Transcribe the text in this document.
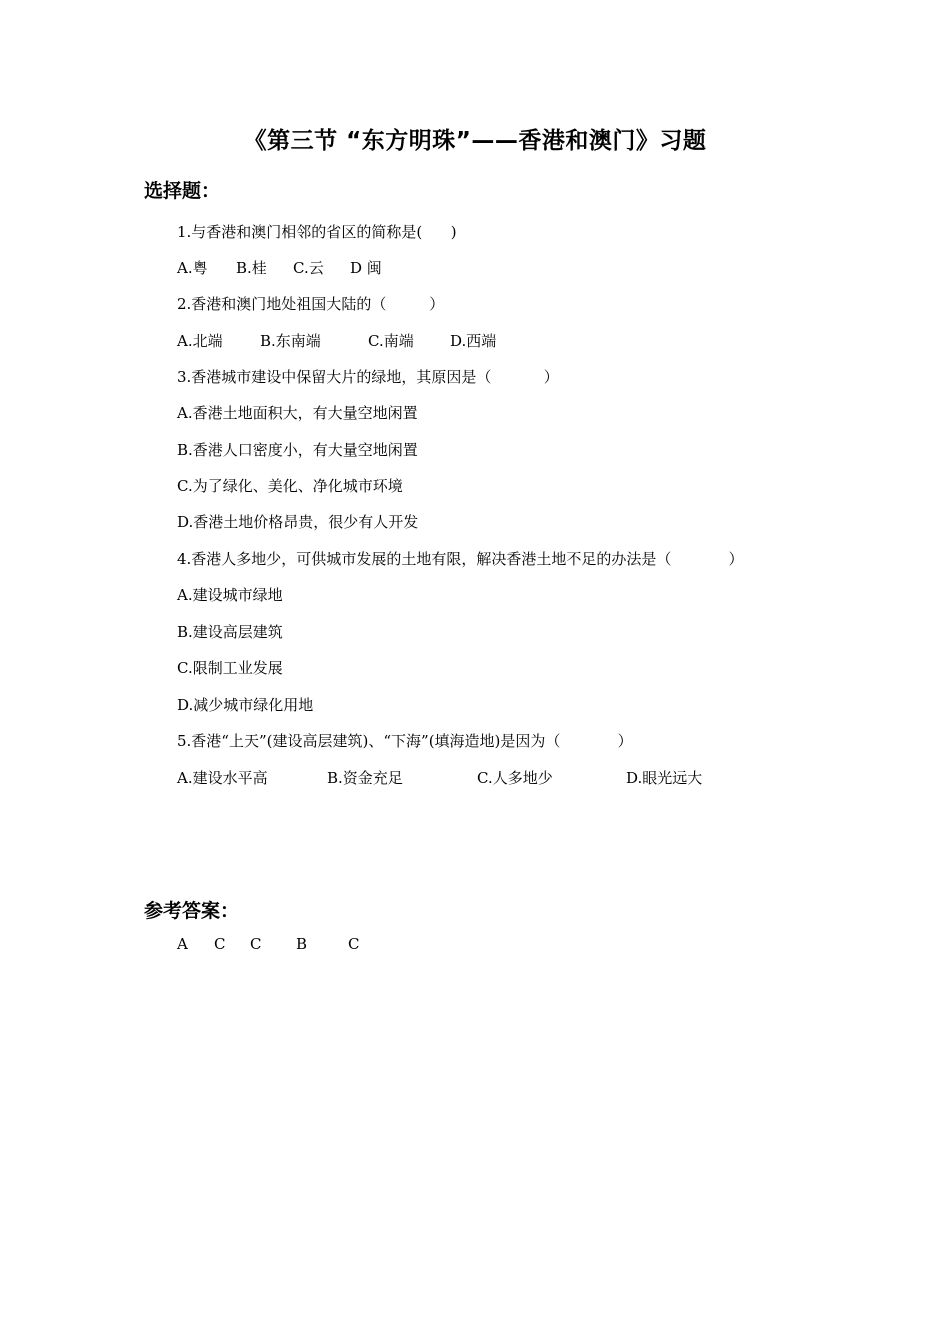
《第三节 “东方明珠”——香港和澳门》习题
选择题：
1.与香港和澳门相邻的省区的简称是(      )
A.粤 B.桂 C.云 D 闽
2.香港和澳门地处祖国大陆的（         ）
A.北端 B.东南端	C.南端 D.西端
3.香港城市建设中保留大片的绿地，其原因是（           ）
A.香港土地面积大，有大量空地闲置
B.香港人口密度小，有大量空地闲置
C.为了绿化、美化、净化城市环境
D.香港土地价格昂贵，很少有人开发
4.香港人多地少，可供城市发展的土地有限，解决香港土地不足的办法是（            ）
A.建设城市绿地
B.建设高层建筑
C.限制工业发展
D.减少城市绿化用地
5.香港“上天”(建设高层建筑)、“下海”(填海造地)是因为（            ）
A.建设水平高	B.资金充足	C.人多地少	D.眼光远大
参考答案：
A C C B	C
